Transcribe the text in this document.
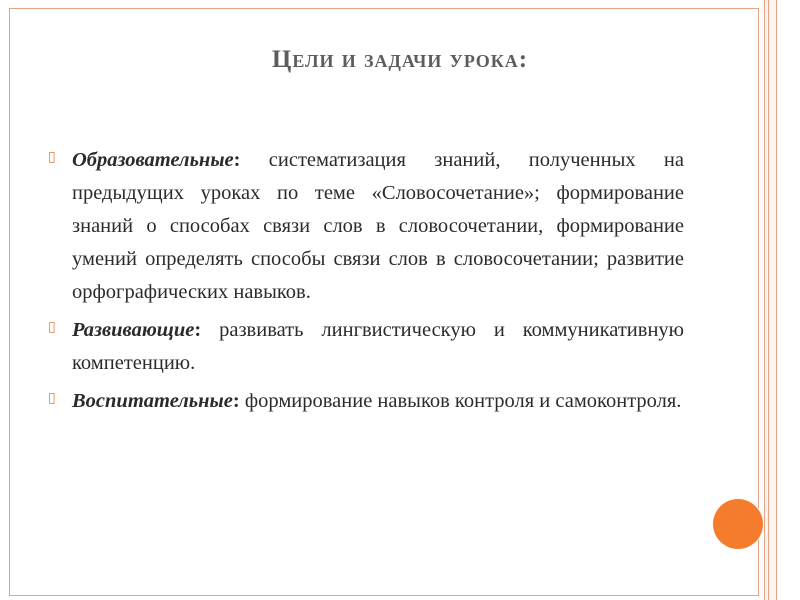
Цели и задачи урока:
▯ Образовательные: систематизация знаний, полученных на предыдущих уроках по теме «Словосочетание»; формирование знаний о способах связи слов в словосочетании, формирование умений определять способы связи слов в словосочетании; развитие орфографических навыков.
▯ Развивающие: развивать лингвистическую и коммуникативную компетенцию.
▯ Воспитательные: формирование навыков контроля и самоконтроля.
